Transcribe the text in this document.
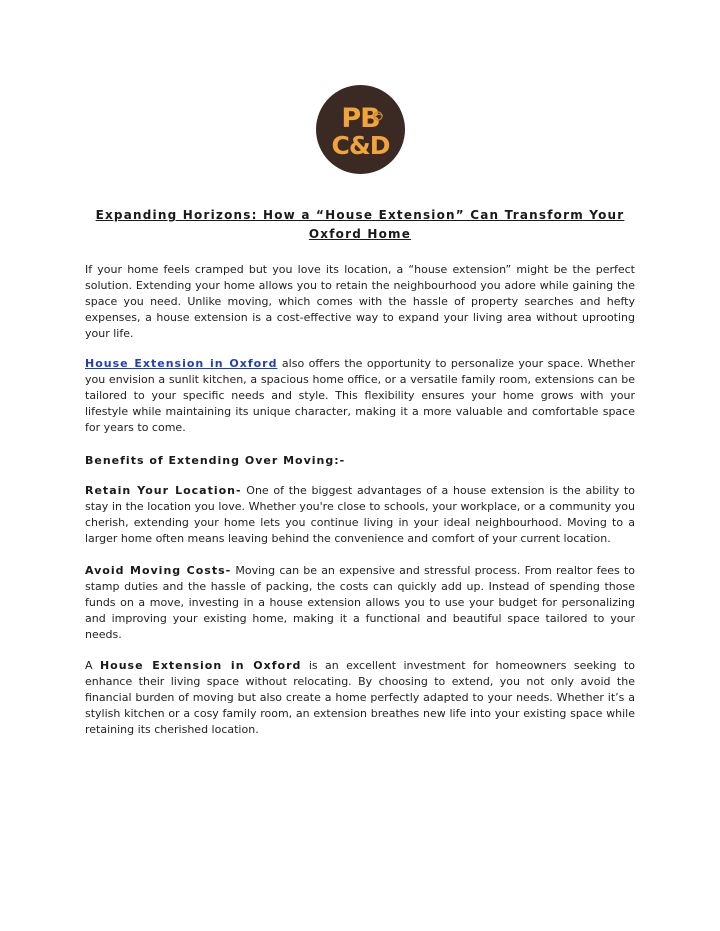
PB
C&D
Expanding Horizons: How a “House Extension” Can Transform Your Oxford Home

If your home feels cramped but you love its location, a “house extension” might be the perfect solution. Extending your home allows you to retain the neighbourhood you adore while gaining the space you need. Unlike moving, which comes with the hassle of property searches and hefty expenses, a house extension is a cost-effective way to expand your living area without uprooting your life.

House Extension in Oxford also offers the opportunity to personalize your space. Whether you envision a sunlit kitchen, a spacious home office, or a versatile family room, extensions can be tailored to your specific needs and style. This flexibility ensures your home grows with your lifestyle while maintaining its unique character, making it a more valuable and comfortable space for years to come.

Benefits of Extending Over Moving:-

Retain Your Location- One of the biggest advantages of a house extension is the ability to stay in the location you love. Whether you're close to schools, your workplace, or a community you cherish, extending your home lets you continue living in your ideal neighbourhood. Moving to a larger home often means leaving behind the convenience and comfort of your current location.

Avoid Moving Costs- Moving can be an expensive and stressful process. From realtor fees to stamp duties and the hassle of packing, the costs can quickly add up. Instead of spending those funds on a move, investing in a house extension allows you to use your budget for personalizing and improving your existing home, making it a functional and beautiful space tailored to your needs.

A House Extension in Oxford is an excellent investment for homeowners seeking to enhance their living space without relocating. By choosing to extend, you not only avoid the financial burden of moving but also create a home perfectly adapted to your needs. Whether it’s a stylish kitchen or a cosy family room, an extension breathes new life into your existing space while retaining its cherished location.
